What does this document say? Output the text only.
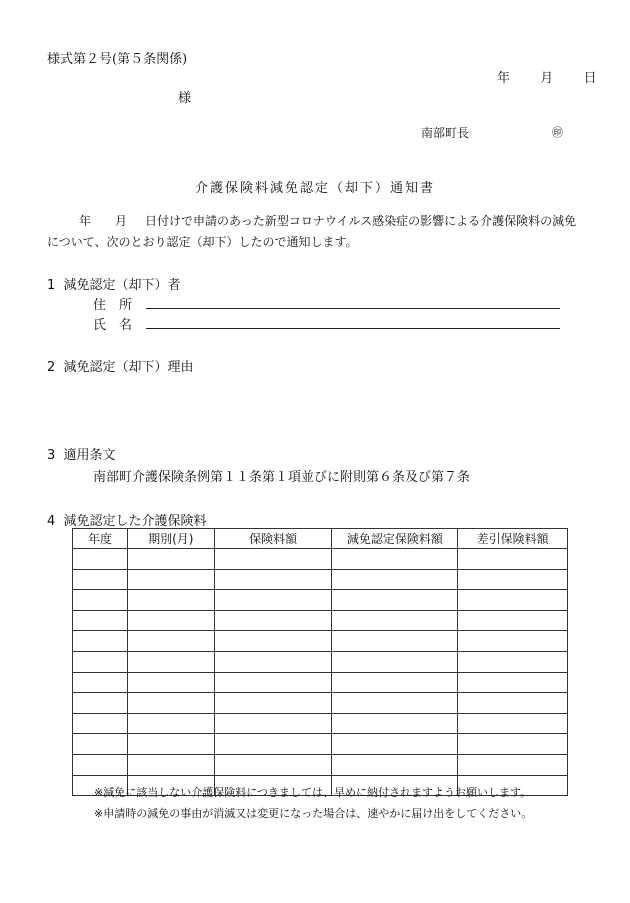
様式第２号(第５条関係)
年 月 日
様
南部町長	㊞
介護保険料減免認定（却下）通知書
年　　月 日付けで申請のあった新型コロナウイルス感染症の影響による介護保険料の減免について、次のとおり認定（却下）したので通知します。
1 減免認定（却下）者
住　所
氏　名
2 減免認定（却下）理由
3 適用条文
南部町介護保険条例第１１条第１項並びに附則第６条及び第７条
4 減免認定した介護保険料
年度	期別(月)	保険料額	減免認定保険料額	差引保険料額

※減免に該当しない介護保険料につきましては、早めに納付されますようお願いします。
※申請時の減免の事由が消滅又は変更になった場合は、速やかに届け出をしてください。
